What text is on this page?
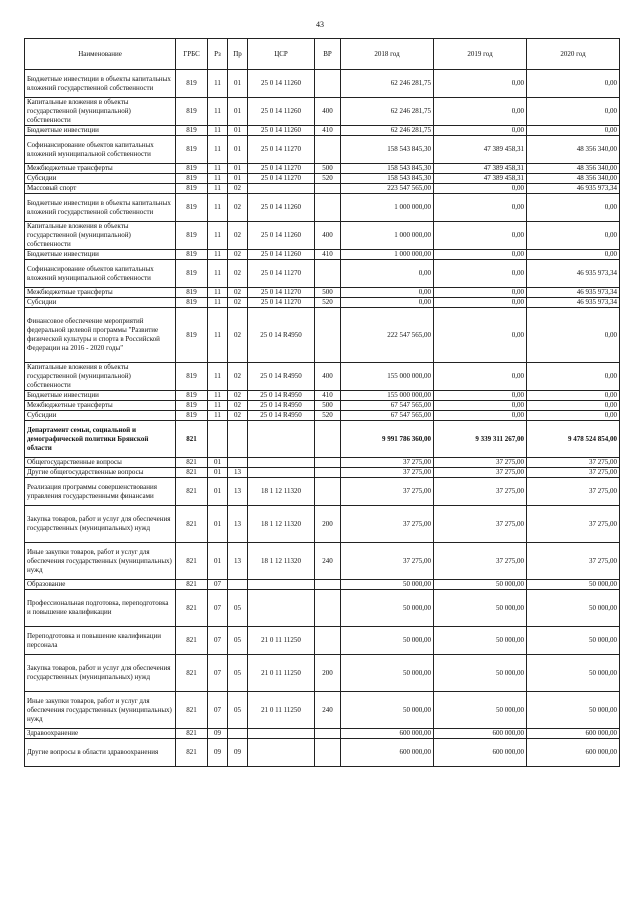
43
Наименование	ГРБС	Рз	Пр	ЦСР	ВР	2018 год	2019 год	2020 год
Бюджетные инвестиции в объекты капитальных вложений государственной собственности	819	11	01	25 0 14 11260		62 246 281,75	0,00	0,00
Капитальные вложения в объекты государственной (муниципальной) собственности	819	11	01	25 0 14 11260	400	62 246 281,75	0,00	0,00
Бюджетные инвестиции	819	11	01	25 0 14 11260	410	62 246 281,75	0,00	0,00
Софинансирование объектов капитальных вложений муниципальной собственности	819	11	01	25 0 14 11270		158 543 845,30	47 389 458,31	48 356 340,00
Межбюджетные трансферты	819	11	01	25 0 14 11270	500	158 543 845,30	47 389 458,31	48 356 340,00
Субсидии	819	11	01	25 0 14 11270	520	158 543 845,30	47 389 458,31	48 356 340,00
Массовый спорт	819	11	02			223 547 565,00	0,00	46 935 973,34
Бюджетные инвестиции в объекты капитальных вложений государственной собственности	819	11	02	25 0 14 11260		1 000 000,00	0,00	0,00
Капитальные вложения в объекты государственной (муниципальной) собственности	819	11	02	25 0 14 11260	400	1 000 000,00	0,00	0,00
Бюджетные инвестиции	819	11	02	25 0 14 11260	410	1 000 000,00	0,00	0,00
Софинансирование объектов капитальных вложений муниципальной собственности	819	11	02	25 0 14 11270		0,00	0,00	46 935 973,34
Межбюджетные трансферты	819	11	02	25 0 14 11270	500	0,00	0,00	46 935 973,34
Субсидии	819	11	02	25 0 14 11270	520	0,00	0,00	46 935 973,34
Финансовое обеспечение мероприятий федеральной целевой программы "Развитие физической культуры и спорта в Российской Федерации на 2016 - 2020 годы"	819	11	02	25 0 14 R4950		222 547 565,00	0,00	0,00
Капитальные вложения в объекты государственной (муниципальной) собственности	819	11	02	25 0 14 R4950	400	155 000 000,00	0,00	0,00
Бюджетные инвестиции	819	11	02	25 0 14 R4950	410	155 000 000,00	0,00	0,00
Межбюджетные трансферты	819	11	02	25 0 14 R4950	500	67 547 565,00	0,00	0,00
Субсидии	819	11	02	25 0 14 R4950	520	67 547 565,00	0,00	0,00
Департамент семьи, социальной и демографической политики Брянской области	821					9 991 786 360,00	9 339 311 267,00	9 478 524 854,00
Общегосударственные вопросы	821	01				37 275,00	37 275,00	37 275,00
Другие общегосударственные вопросы	821	01	13			37 275,00	37 275,00	37 275,00
Реализация программы совершенствования управления государственными финансами	821	01	13	18 1 12 11320		37 275,00	37 275,00	37 275,00
Закупка товаров, работ и услуг для обеспечения государственных (муниципальных) нужд	821	01	13	18 1 12 11320	200	37 275,00	37 275,00	37 275,00
Иные закупки товаров, работ и услуг для обеспечения государственных (муниципальных) нужд	821	01	13	18 1 12 11320	240	37 275,00	37 275,00	37 275,00
Образование	821	07				50 000,00	50 000,00	50 000,00
Профессиональная подготовка, переподготовка и повышение квалификации	821	07	05			50 000,00	50 000,00	50 000,00
Переподготовка и повышение квалификации персонала	821	07	05	21 0 11 11250		50 000,00	50 000,00	50 000,00
Закупка товаров, работ и услуг для обеспечения государственных (муниципальных) нужд	821	07	05	21 0 11 11250	200	50 000,00	50 000,00	50 000,00
Иные закупки товаров, работ и услуг для обеспечения государственных (муниципальных) нужд	821	07	05	21 0 11 11250	240	50 000,00	50 000,00	50 000,00
Здравоохранение	821	09				600 000,00	600 000,00	600 000,00
Другие вопросы в области здравоохранения	821	09	09			600 000,00	600 000,00	600 000,00
